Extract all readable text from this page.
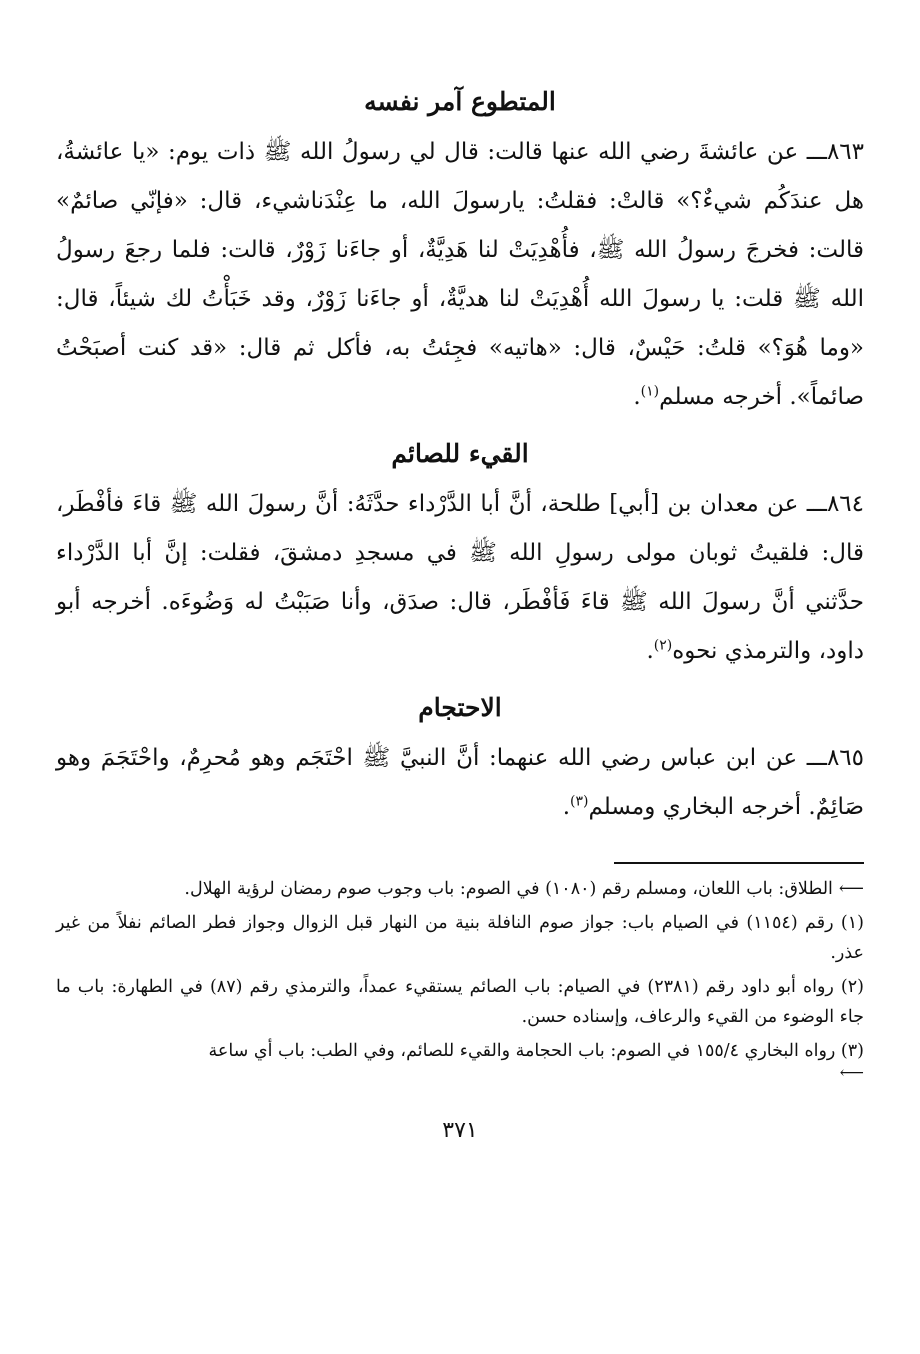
المتطوع آمر نفسه

٨٦٣ـــ عن عائشةَ رضي الله عنها قالت: قال لي رسولُ الله ﷺ ذات يوم: «يا عائشةُ، هل عندَكُم شيءٌ؟» قالتْ: فقلتُ: يارسولَ الله، ما عِنْدَناشيء، قال: «فإنّي صائمٌ» قالت: فخرجَ رسولُ الله ﷺ، فأُهْدِيَتْ لنا هَدِيَّةٌ، أو جاءَنا زَوْرٌ، قالت: فلما رجعَ رسولُ الله ﷺ قلت: يا رسولَ الله أُهْدِيَتْ لنا هديَّةٌ، أو جاءَنا زَوْرٌ، وقد خَبَأْتُ لك شيئاً، قال: «وما هُوَ؟» قلتُ: حَيْسٌ، قال: «هاتيه» فجِئتُ به، فأكل ثم قال: «قد كنت أصبَحْتُ صائماً». أخرجه مسلم$^{(١)}$.

القيء للصائم

٨٦٤ـــ عن معدان بن [أبي] طلحة، أنَّ أبا الدَّرْداء حدَّثَهُ: أنَّ رسولَ الله ﷺ قاءَ فأفْطَر، قال: فلقيتُ ثوبان مولى رسولِ الله ﷺ في مسجدِ دمشقَ، فقلت: إنَّ أبا الدَّرْداء حدَّثني أنَّ رسولَ الله ﷺ قاءَ فَأفْطَر، قال: صدَق، وأنا صَبَبْتُ له وَضُوءَه. أخرجه أبو داود، والترمذي نحوه$^{(٢)}$.

الاحتجام

٨٦٥ـــ عن ابن عباس رضي الله عنهما: أنَّ النبيَّ ﷺ احْتَجَم وهو مُحرِمٌ، واحْتَجَمَ وهو صَائِمٌ. أخرجه البخاري ومسلم$^{(٣)}$.

⟵الطلاق: باب اللعان، ومسلم رقم (١٠٨٠) في الصوم: باب وجوب صوم رمضان لرؤية الهلال.

(١) رقم (١١٥٤) في الصيام باب: جواز صوم النافلة بنية من النهار قبل الزوال وجواز فطر الصائم نفلاً من غير عذر.

(٢) رواه أبو داود رقم (٢٣٨١) في الصيام: باب الصائم يستقيء عمداً، والترمذي رقم (٨٧) في الطهارة: باب ما جاء الوضوء من القيء والرعاف، وإسناده حسن.

(٣) رواه البخاري ١٥٥/٤ في الصوم: باب الحجامة والقيء للصائم، وفي الطب: باب أي ساعة
⟵

٣٧١
